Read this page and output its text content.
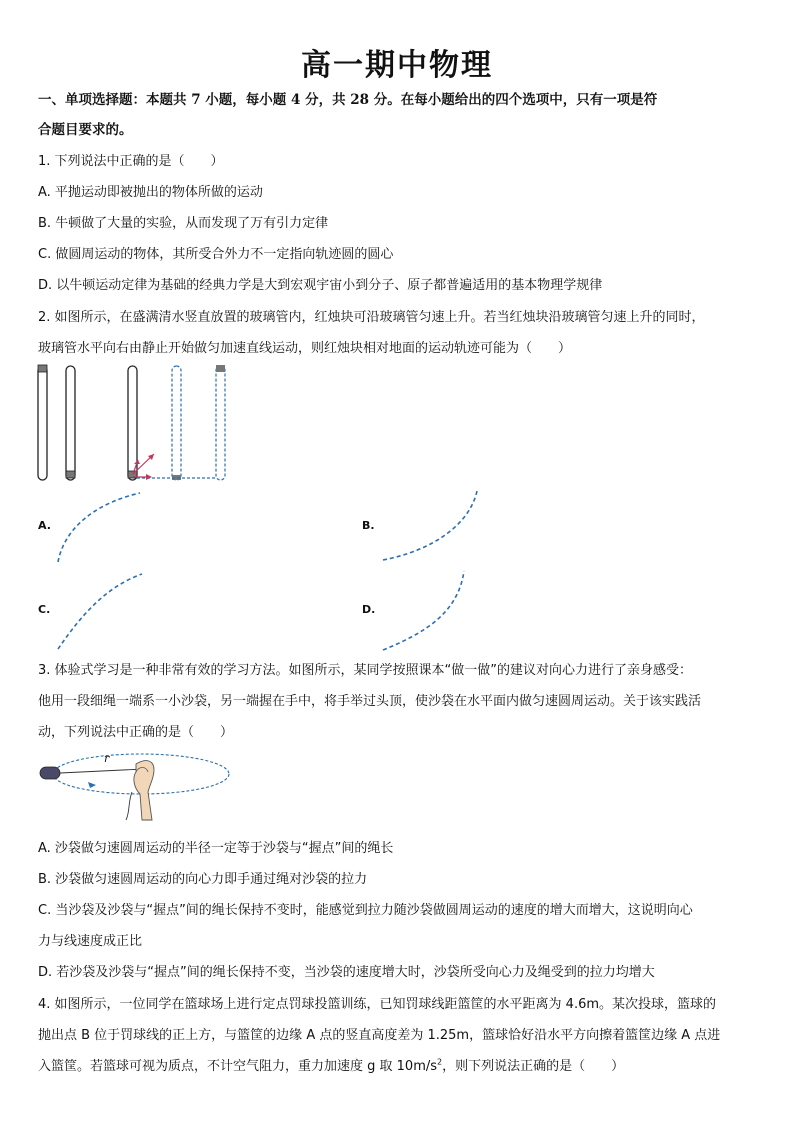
高一期中物理
一、单项选择题：本题共 7 小题，每小题 4 分，共 28 分。在每小题给出的四个选项中，只有一项是符
合题目要求的。
1. 下列说法中正确的是（　　）
A. 平抛运动即被抛出的物体所做的运动
B. 牛顿做了大量的实验，从而发现了万有引力定律
C. 做圆周运动的物体，其所受合外力不一定指向轨迹圆的圆心
D. 以牛顿运动定律为基础的经典力学是大到宏观宇宙小到分子、原子都普遍适用的基本物理学规律
2. 如图所示，在盛满清水竖直放置的玻璃管内，红烛块可沿玻璃管匀速上升。若当红烛块沿玻璃管匀速上升的同时，
玻璃管水平向右由静止开始做匀加速直线运动，则红烛块相对地面的运动轨迹可能为（　　）
A.	B.
C.	D.
3. 体验式学习是一种非常有效的学习方法。如图所示，某同学按照课本“做一做”的建议对向心力进行了亲身感受：
他用一段细绳一端系一小沙袋，另一端握在手中，将手举过头顶，使沙袋在水平面内做匀速圆周运动。关于该实践活
动，下列说法中正确的是（　　）
r
A. 沙袋做匀速圆周运动的半径一定等于沙袋与“握点”间的绳长
B. 沙袋做匀速圆周运动的向心力即手通过绳对沙袋的拉力
C. 当沙袋及沙袋与“握点”间的绳长保持不变时，能感觉到拉力随沙袋做圆周运动的速度的增大而增大，这说明向心
力与线速度成正比
D. 若沙袋及沙袋与“握点”间的绳长保持不变，当沙袋的速度增大时，沙袋所受向心力及绳受到的拉力均增大
4. 如图所示，一位同学在篮球场上进行定点罚球投篮训练，已知罚球线距篮筐的水平距离为 4.6m。某次投球，篮球的
抛出点 B 位于罚球线的正上方，与篮筐的边缘 A 点的竖直高度差为 1.25m，篮球恰好沿水平方向擦着篮筐边缘 A 点进
入篮筐。若篮球可视为质点，不计空气阻力，重力加速度 g 取 $10m/s^2$，则下列说法正确的是（　　）
